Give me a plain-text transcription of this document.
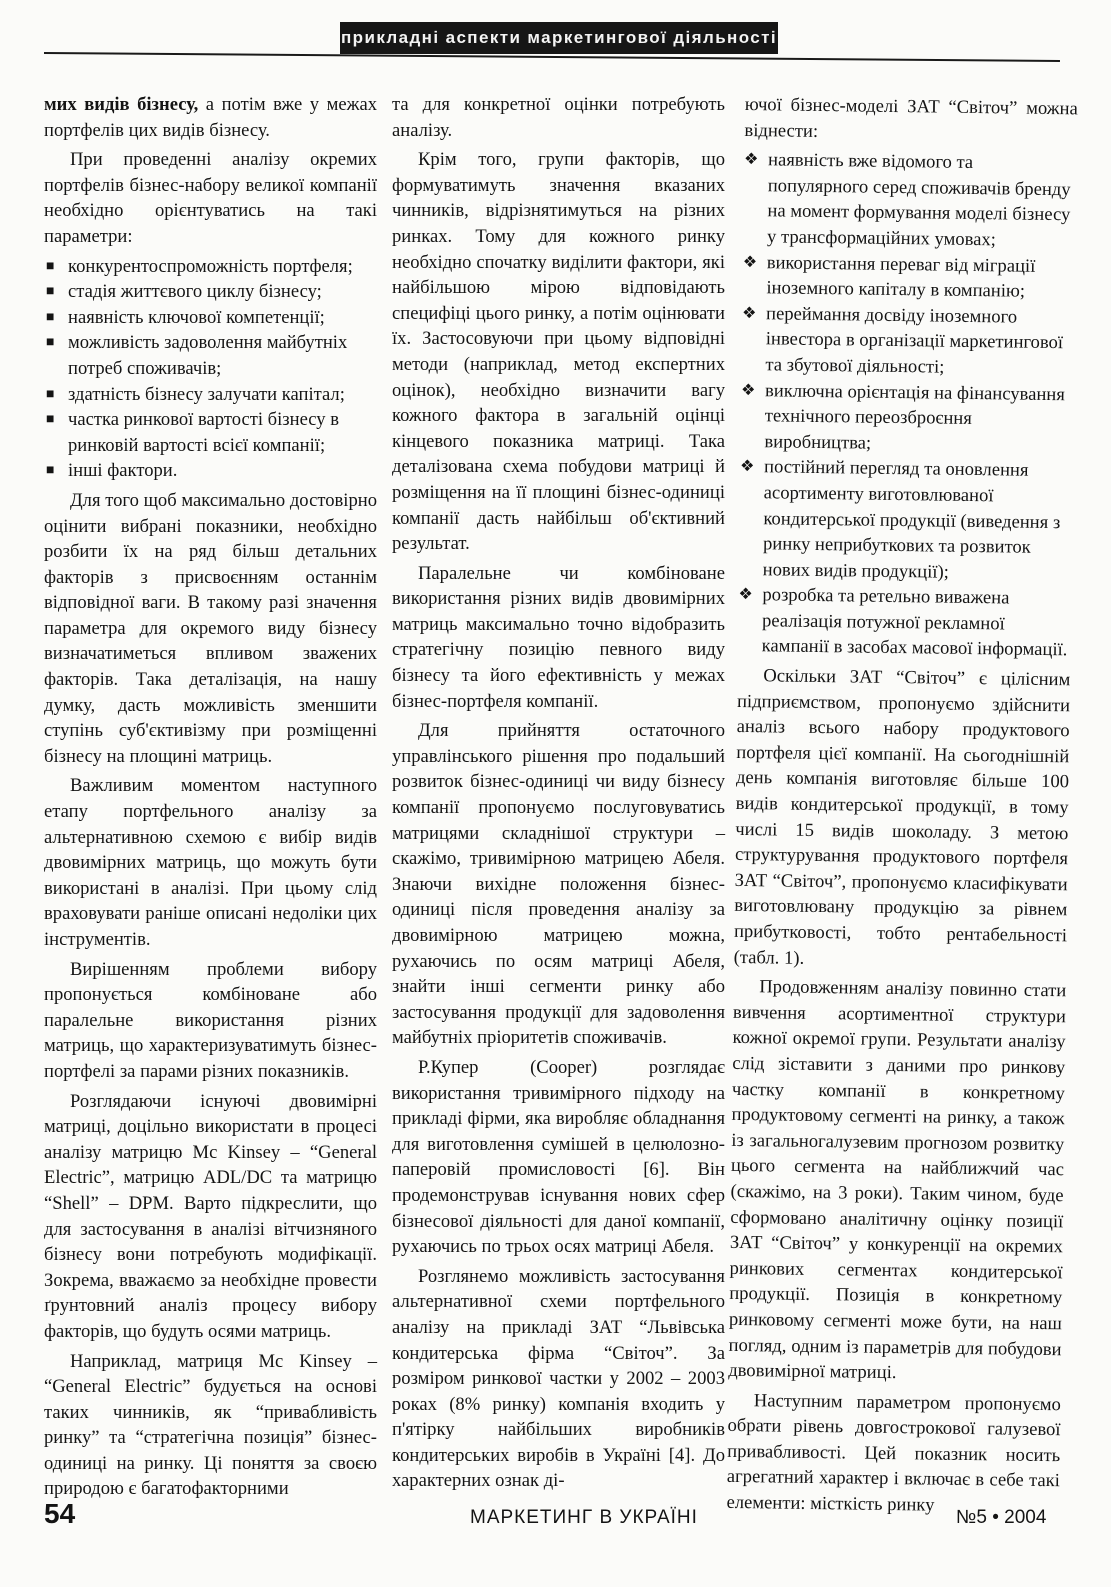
прикладні аспекти маркетингової діяльності

мих видів бізнесу, а потім вже у межах портфелів цих видів бізнесу.

При проведенні аналізу окремих портфелів бізнес-набору великої компанії необхідно орієнтуватись на такі параметри:

■ конкурентоспроможність портфеля;
■ стадія життєвого циклу бізнесу;
■ наявність ключової компетенції;
■ можливість задоволення майбутніх потреб споживачів;
■ здатність бізнесу залучати капітал;
■ частка ринкової вартості бізнесу в ринковій вартості всієї компанії;
■ інші фактори.

Для того щоб максимально достовірно оцінити вибрані показники, необхідно розбити їх на ряд більш детальних факторів з присвоєнням останнім відповідної ваги. В такому разі значення параметра для окремого виду бізнесу визначатиметься впливом зважених факторів. Така деталізація, на нашу думку, дасть можливість зменшити ступінь суб'єктивізму при розміщенні бізнесу на площині матриць.

Важливим моментом наступного етапу портфельного аналізу за альтернативною схемою є вибір видів двовимірних матриць, що можуть бути використані в аналізі. При цьому слід враховувати раніше описані недоліки цих інструментів.

Вирішенням проблеми вибору пропонується комбіноване або паралельне використання різних матриць, що характеризуватимуть бізнес-портфелі за парами різних показників.

Розглядаючи існуючі двовимірні матриці, доцільно використати в процесі аналізу матрицю Mc Kinsey – “General Electric”, матрицю ADL/DC та матрицю “Shell” – DPM. Варто підкреслити, що для застосування в аналізі вітчизняного бізнесу вони потребують модифікації. Зокрема, вважаємо за необхідне провести ґрунтовний аналіз процесу вибору факторів, що будуть осями матриць.

Наприклад, матриця Mc Kinsey – “General Electric” будується на основі таких чинників, як “привабливість ринку” та “стратегічна позиція” бізнес-одиниці на ринку. Ці поняття за своєю природою є багатофакторними

та для конкретної оцінки потребують аналізу.

Крім того, групи факторів, що формуватимуть значення вказаних чинників, відрізнятимуться на різних ринках. Тому для кожного ринку необхідно спочатку виділити фактори, які найбільшою мірою відповідають специфіці цього ринку, а потім оцінювати їх. Застосовуючи при цьому відповідні методи (наприклад, метод експертних оцінок), необхідно визначити вагу кожного фактора в загальній оцінці кінцевого показника матриці. Така деталізована схема побудови матриці й розміщення на її площині бізнес-одиниці компанії дасть найбільш об'єктивний результат.

Паралельне чи комбіноване використання різних видів двовимірних матриць максимально точно відобразить стратегічну позицію певного виду бізнесу та його ефективність у межах бізнес-портфеля компанії.

Для прийняття остаточного управлінського рішення про подальший розвиток бізнес-одиниці чи виду бізнесу компанії пропонуємо послуговуватись матрицями складнішої структури – скажімо, тривимірною матрицею Абеля. Знаючи вихідне положення бізнес-одиниці після проведення аналізу за двовимірною матрицею можна, рухаючись по осям матриці Абеля, знайти інші сегменти ринку або застосування продукції для задоволення майбутніх пріоритетів споживачів.

Р.Купер (Cooper) розглядає використання тривимірного підходу на прикладі фірми, яка виробляє обладнання для виготовлення сумішей в целюлозно-паперовій промисловості [6]. Він продемонстрував існування нових сфер бізнесової діяльності для даної компанії, рухаючись по трьох осях матриці Абеля.

Розглянемо можливість застосування альтернативної схеми портфельного аналізу на прикладі ЗАТ “Львівська кондитерська фірма “Світоч”. За розміром ринкової частки у 2002 – 2003 роках (8% ринку) компанія входить у п'ятірку найбільших виробників кондитерських виробів в Україні [4]. До характерних ознак ді-

ючої бізнес-моделі ЗАТ “Світоч” можна віднести:

❖ наявність вже відомого та популярного серед споживачів бренду на момент формування моделі бізнесу у трансформаційних умовах;
❖ використання переваг від міграції іноземного капіталу в компанію;
❖ переймання досвіду іноземного інвестора в організації маркетингової та збутової діяльності;
❖ виключна орієнтація на фінансування технічного переозброєння виробництва;
❖ постійний перегляд та оновлення асортименту виготовлюваної кондитерської продукції (виведення з ринку неприбуткових та розвиток нових видів продукції);
❖ розробка та ретельно виважена реалізація потужної рекламної кампанії в засобах масової інформації.

Оскільки ЗАТ “Світоч” є цілісним підприємством, пропонуємо здійснити аналіз всього набору продуктового портфеля цієї компанії. На сьогоднішній день компанія виготовляє більше 100 видів кондитерської продукції, в тому числі 15 видів шоколаду. З метою структурування продуктового портфеля ЗАТ “Світоч”, пропонуємо класифікувати виготовлювану продукцію за рівнем прибутковості, тобто рентабельності (табл. 1).

Продовженням аналізу повинно стати вивчення асортиментної структури кожної окремої групи. Результати аналізу слід зіставити з даними про ринкову частку компанії в конкретному продуктовому сегменті на ринку, а також із загальногалузевим прогнозом розвитку цього сегмента на найближчий час (скажімо, на 3 роки). Таким чином, буде сформовано аналітичну оцінку позиції ЗАТ “Світоч” у конкуренції на окремих ринкових сегментах кондитерської продукції. Позиція в конкретному ринковому сегменті може бути, на наш погляд, одним із параметрів для побудови двовимірної матриці.

Наступним параметром пропонуємо обрати рівень довгострокової галузевої привабливості. Цей показник носить агрегатний характер і включає в себе такі елементи: місткість ринку

54	МАРКЕТИНГ В УКРАЇНІ	№5 • 2004
